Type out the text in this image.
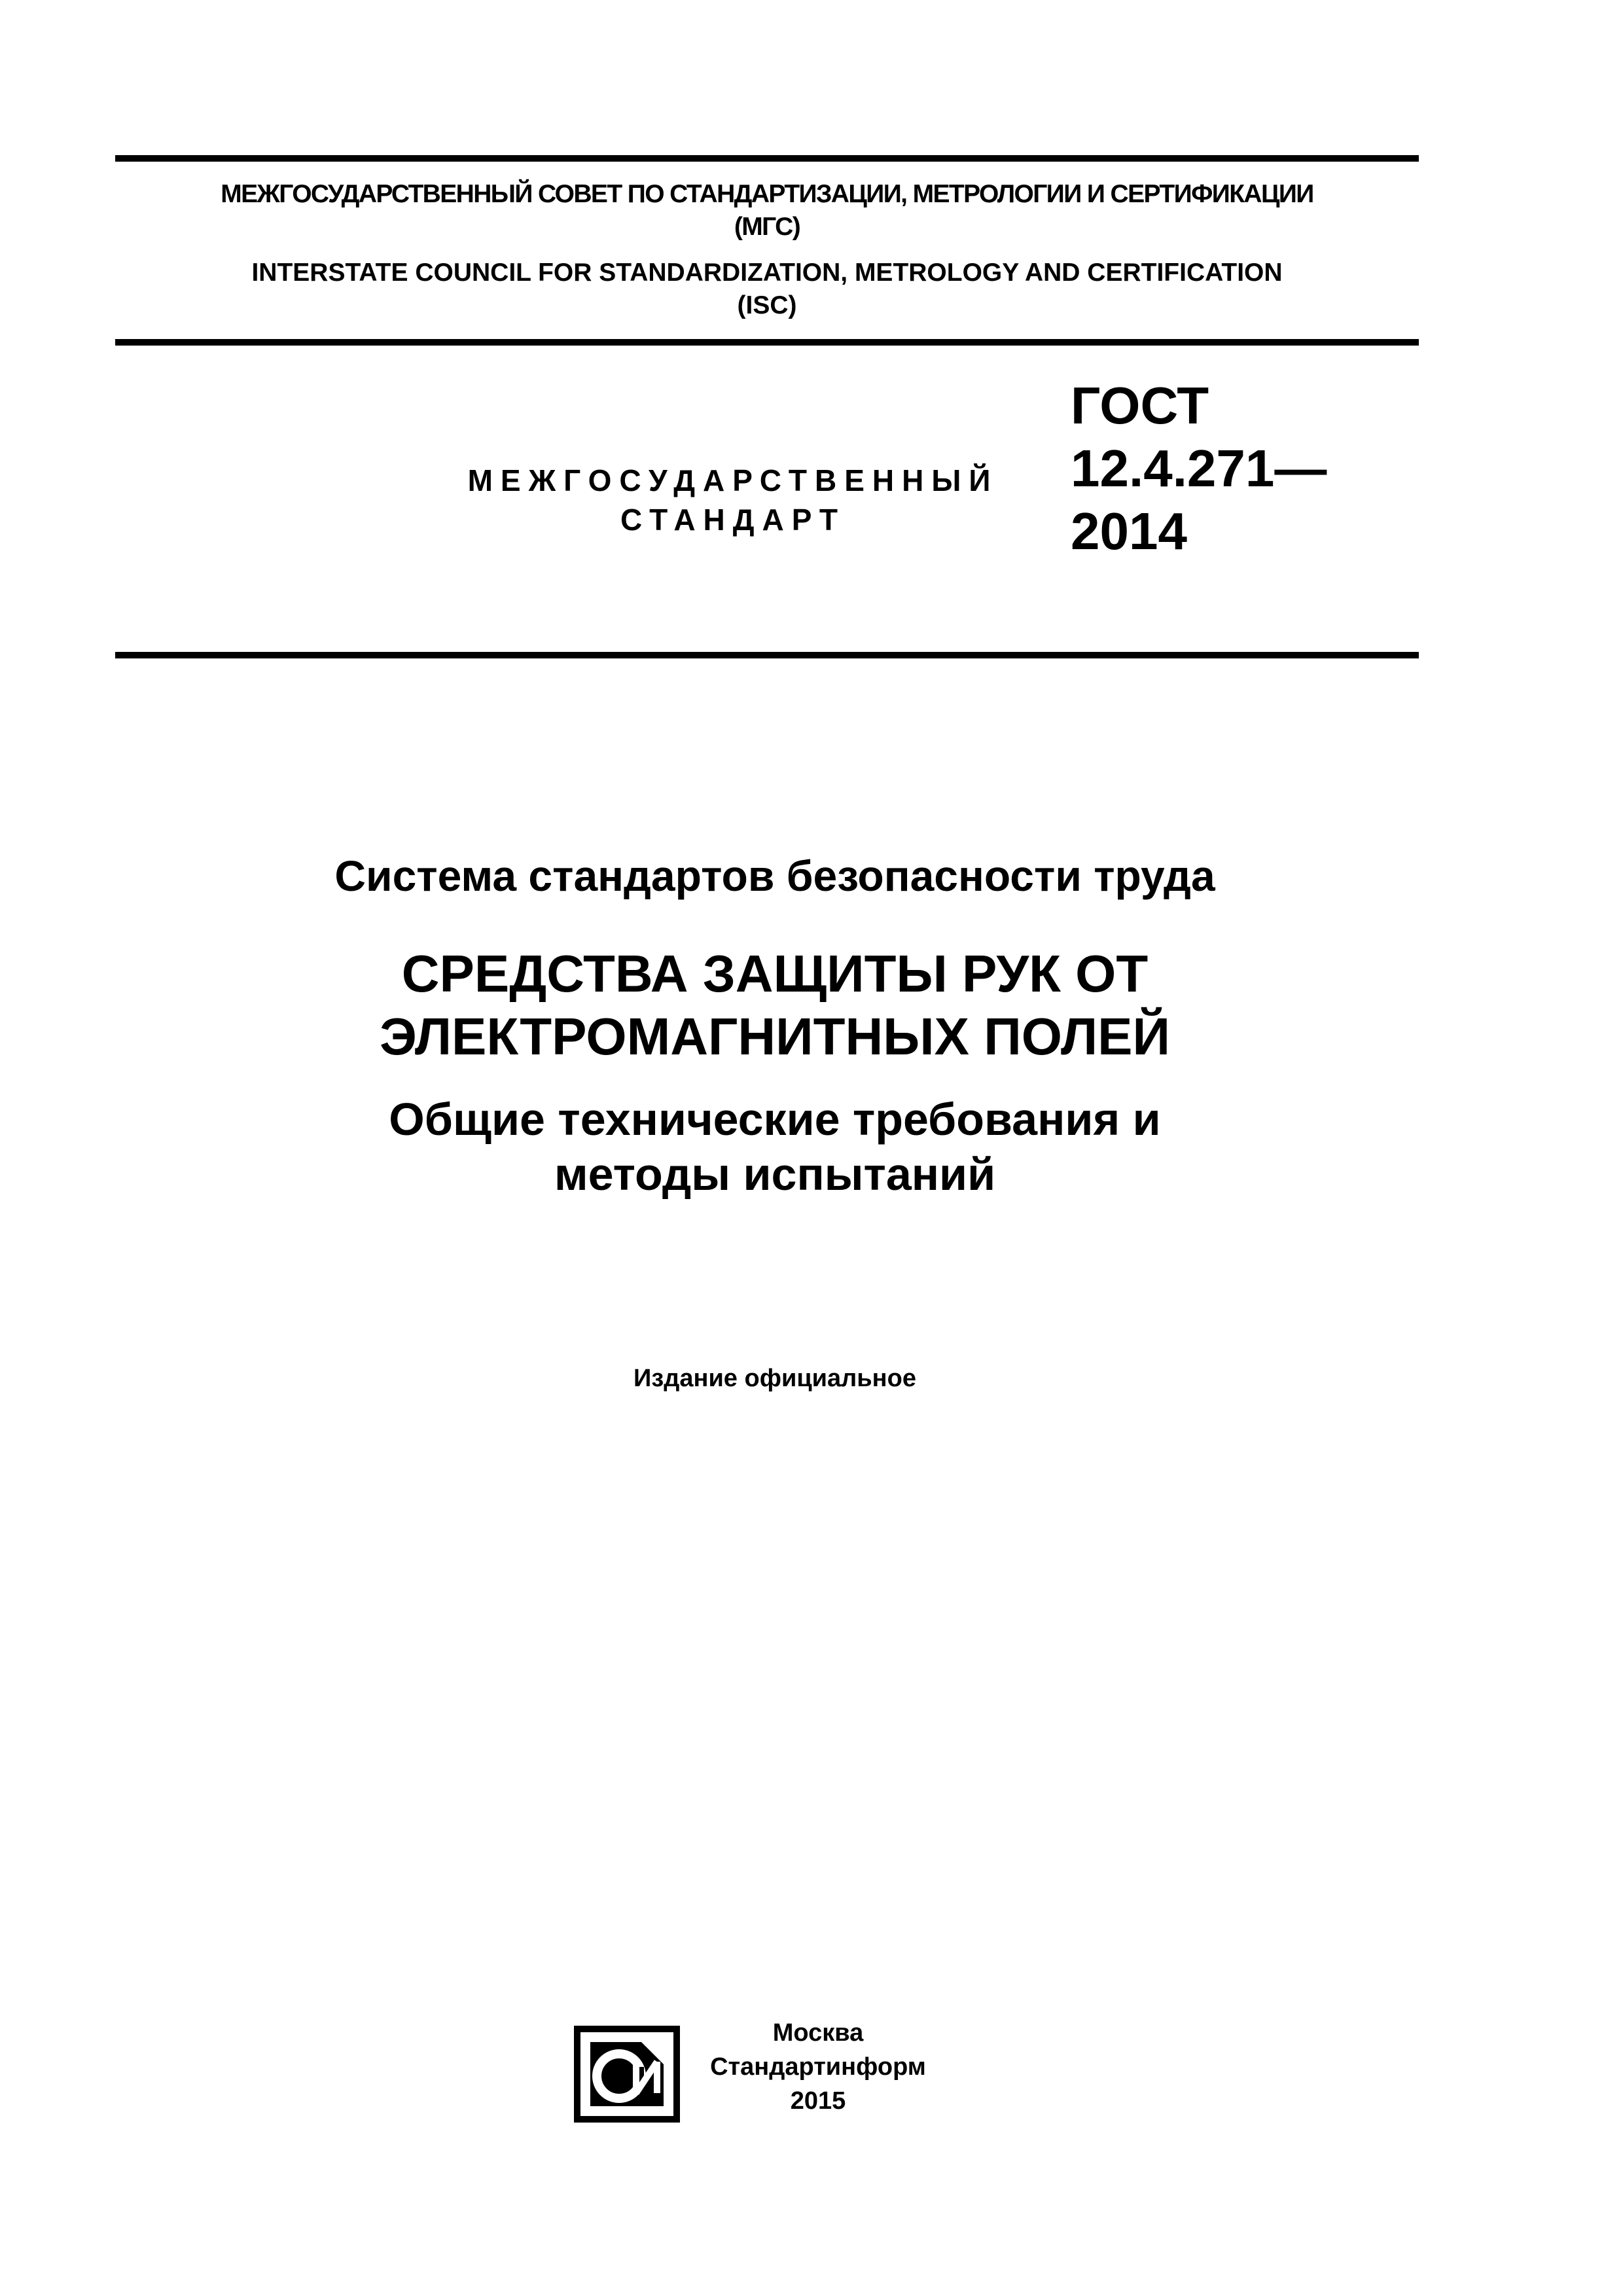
МЕЖГОСУДАРСТВЕННЫЙ СОВЕТ ПО СТАНДАРТИЗАЦИИ, МЕТРОЛОГИИ И СЕРТИФИКАЦИИ
(МГС)
INTERSTATE COUNCIL FOR STANDARDIZATION, METROLOGY AND CERTIFICATION
(ISC)
МЕЖГОСУДАРСТВЕННЫЙ
СТАНДАРТ
ГОСТ
12.4.271—
2014
Система стандартов безопасности труда
СРЕДСТВА ЗАЩИТЫ РУК ОТ
ЭЛЕКТРОМАГНИТНЫХ ПОЛЕЙ
Общие технические требования и
методы испытаний
Издание официальное
Москва
Стандартинформ
2015
